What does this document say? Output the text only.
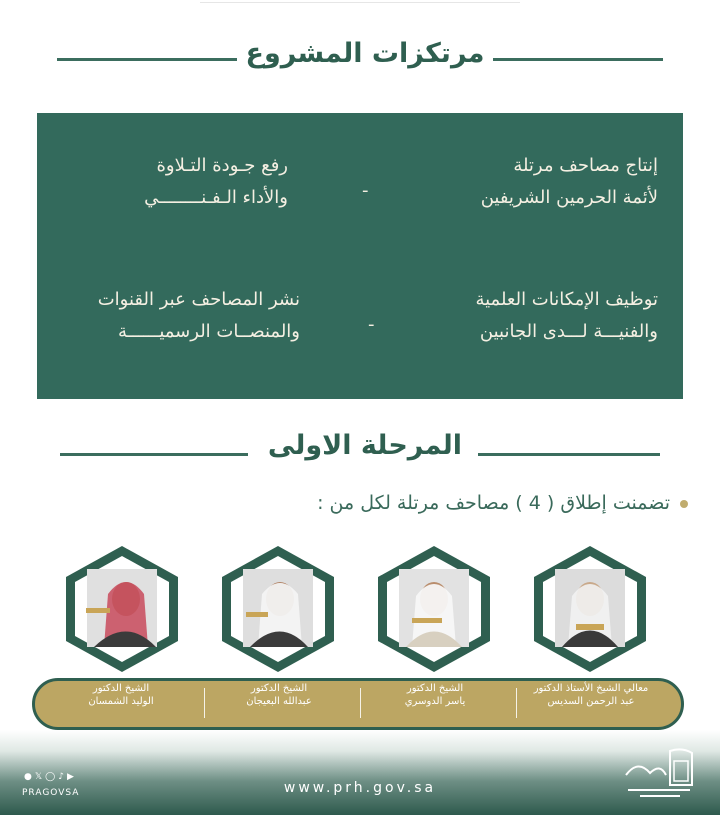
مرتكزات المشروع
إنتاج مصاحف مرتلة
لأئمة الحرمين الشريفين
-
رفع جـودة التـلاوة
والأداء الـفـنــــــــي
توظيف الإمكانات العلمية
والفنيـــة لـــدى الجانبين
-
نشر المصاحف عبر القنوات
والمنصــات الرسميــــــة
المرحلة الاولى
تضمنت إطلاق ( 4 ) مصاحف مرتلة لكل من :
معالي الشيخ الأستاذ الدكتور
عبد الرحمن السديس
الشيخ الدكتور
ياسر الدوسري
الشيخ الدكتور
عبدالله البعيجان
الشيخ الدكتور
الوليد الشمسان
●𝕏◯♪▶
PRAGOVSA	www.prh.gov.sa
